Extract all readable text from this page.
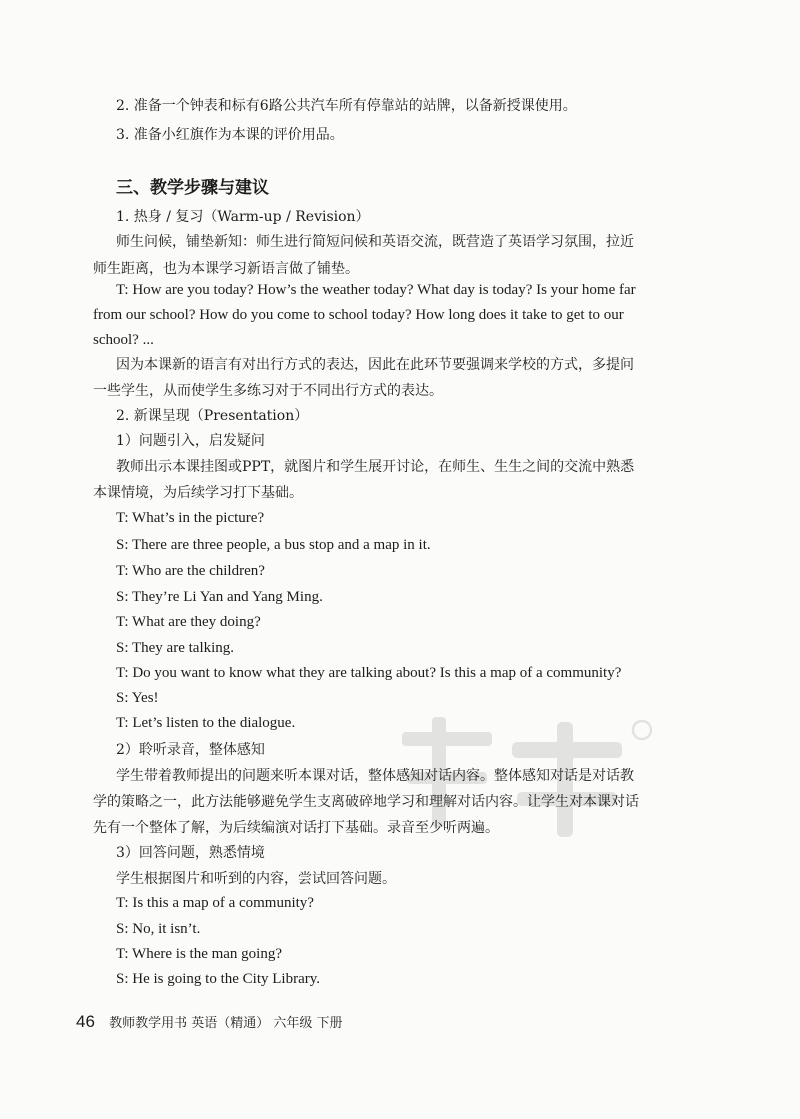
2. 准备一个钟表和标有6路公共汽车所有停靠站的站牌，以备新授课使用。
3. 准备小红旗作为本课的评价用品。
三、教学步骤与建议
1. 热身 / 复习（Warm-up / Revision）
师生问候，铺垫新知：师生进行简短问候和英语交流，既营造了英语学习氛围，拉近
师生距离，也为本课学习新语言做了铺垫。
T: How are you today? How’s the weather today? What day is today? Is your home far
from our school? How do you come to school today? How long does it take to get to our
school? ...
因为本课新的语言有对出行方式的表达，因此在此环节要强调来学校的方式，多提问
一些学生，从而使学生多练习对于不同出行方式的表达。
2. 新课呈现（Presentation）
1）问题引入，启发疑问
教师出示本课挂图或PPT，就图片和学生展开讨论，在师生、生生之间的交流中熟悉
本课情境，为后续学习打下基础。
T: What’s in the picture?
S: There are three people, a bus stop and a map in it.
T: Who are the children?
S: They’re Li Yan and Yang Ming.
T: What are they doing?
S: They are talking.
T: Do you want to know what they are talking about? Is this a map of a community?
S: Yes!
T: Let’s listen to the dialogue.
2）聆听录音，整体感知
学生带着教师提出的问题来听本课对话，整体感知对话内容。整体感知对话是对话教
学的策略之一，此方法能够避免学生支离破碎地学习和理解对话内容。让学生对本课对话
先有一个整体了解，为后续编演对话打下基础。录音至少听两遍。
3）回答问题，熟悉情境
学生根据图片和听到的内容，尝试回答问题。
T: Is this a map of a community?
S: No, it isn’t.
T: Where is the man going?
S: He is going to the City Library.
46 教师教学用书 英语（精通） 六年级 下册
